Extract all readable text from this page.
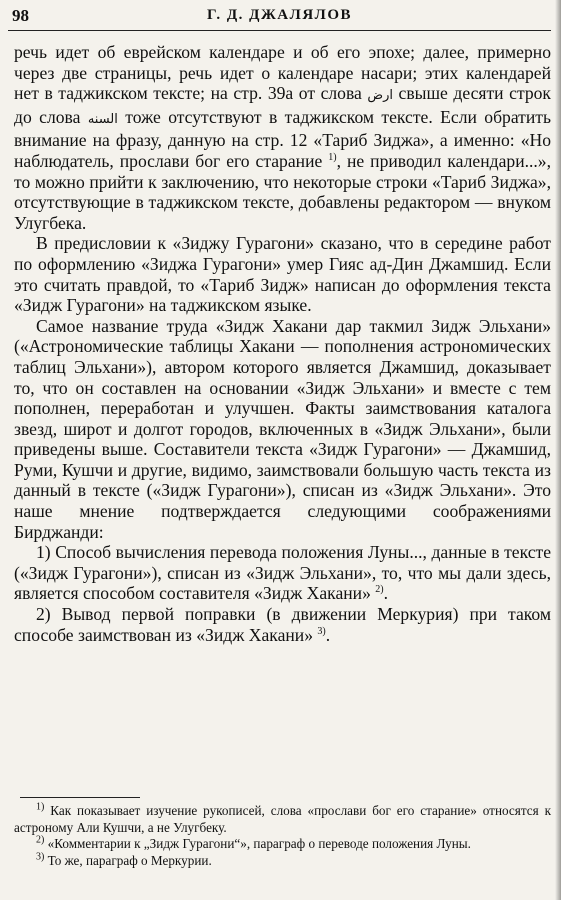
98	Г. Д. ДЖАЛЯЛОВ

речь идет об еврейском календаре и об его эпохе; далее, примерно через две страницы, речь идет о календаре насари; этих календарей нет в таджикском тексте; на стр. 39а от слова ارض свыше десяти строк до слова السنه тоже отсутствуют в таджикском тексте. Если обратить внимание на фразу, данную на стр. 12 «Тариб Зиджа», а именно: «Но наблюдатель, прослави бог его старание $^{1)}$, не приводил календари...», то можно прийти к заключению, что некоторые строки «Тариб Зиджа», отсутствующие в таджикском тексте, добавлены редактором — внуком Улугбека.

В предисловии к «Зиджу Гурагони» сказано, что в середине работ по оформлению «Зиджа Гурагони» умер Гияс ад-Дин Джамшид. Если это считать правдой, то «Тариб Зидж» написан до оформления текста «Зидж Гурагони» на таджикском языке.

Самое название труда «Зидж Хакани дар такмил Зидж Эльхани» («Астрономические таблицы Хакани — пополнения астрономических таблиц Эльхани»), автором которого является Джамшид, доказывает то, что он составлен на основании «Зидж Эльхани» и вместе с тем пополнен, переработан и улучшен. Факты заимствования каталога звезд, широт и долгот городов, включенных в «Зидж Эльхани», были приведены выше. Составители текста «Зидж Гурагони» — Джамшид, Руми, Кушчи и другие, видимо, заимствовали большую часть текста из данный в тексте («Зидж Гурагони»), списан из «Зидж Эльхани». Это наше мнение подтверждается следующими соображениями Бирджанди:

1) Способ вычисления перевода положения Луны..., данные в тексте («Зидж Гурагони»), списан из «Зидж Эльхани», то, что мы дали здесь, является способом составителя «Зидж Хакани» $^{2)}$.

2) Вывод первой поправки (в движении Меркурия) при таком способе заимствован из «Зидж Хакани» $^{3)}$.

$^{1)}$ Как показывает изучение рукописей, слова «прослави бог его старание» относятся к астроному Али Кушчи, а не Улугбеку.

$^{2)}$ «Комментарии к „Зидж Гурагони“», параграф о переводе положения Луны.

$^{3)}$ То же, параграф о Меркурии.
